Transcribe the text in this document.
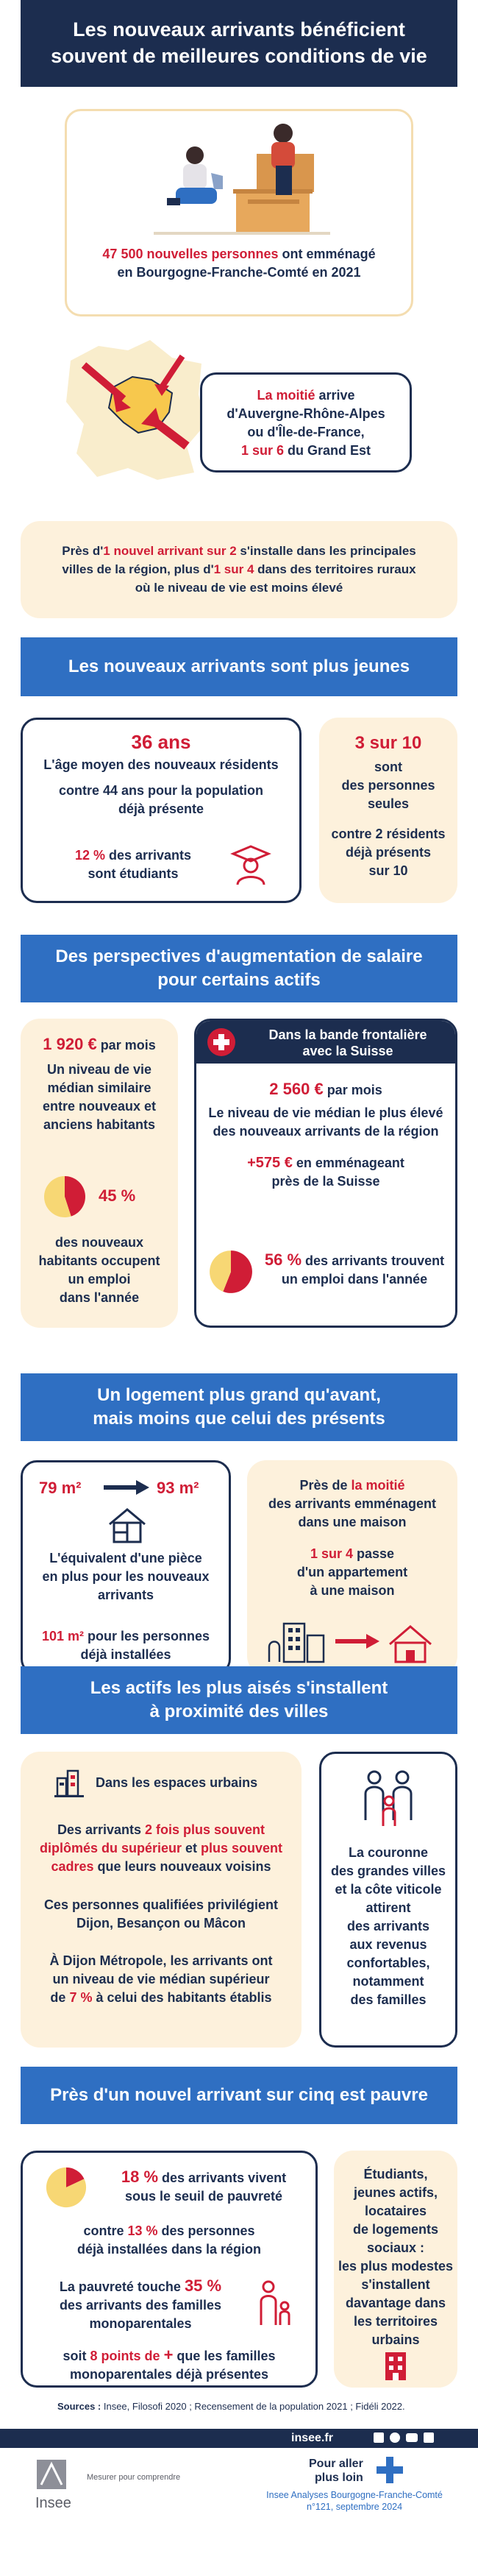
Les nouveaux arrivants bénéficient
souvent de meilleures conditions de vie
47 500 nouvelles personnes ont emménagé
en Bourgogne-Franche-Comté en 2021
La moitié arrive
d'Auvergne-Rhône-Alpes
ou d'Île-de-France,
1 sur 6 du Grand Est
Près d'1 nouvel arrivant sur 2 s'installe dans les principales
villes de la région, plus d'1 sur 4 dans des territoires ruraux
où le niveau de vie est moins élevé
Les nouveaux arrivants sont plus jeunes
36 ans
L'âge moyen des nouveaux résidents
contre 44 ans pour la population
déjà présente
12 % des arrivants
sont étudiants
3 sur 10
sont
des personnes
seules
contre 2 résidents
déjà présents
sur 10
Des perspectives d'augmentation de salaire
pour certains actifs
1 920 € par mois
Un niveau de vie
médian similaire
entre nouveaux et
anciens habitants
45 %
des nouveaux
habitants occupent
un emploi
dans l'année
Dans la bande frontalière
avec la Suisse
2 560 € par mois
Le niveau de vie médian le plus élevé
des nouveaux arrivants de la région
+575 € en emménageant
près de la Suisse
56 % des arrivants trouvent
un emploi dans l'année
Un logement plus grand qu'avant,
mais moins que celui des présents
79 m²	93 m²
L'équivalent d'une pièce
en plus pour les nouveaux
arrivants
101 m² pour les personnes
déjà installées
Près de la moitié
des arrivants emménagent
dans une maison
1 sur 4 passe
d'un appartement
à une maison
Les actifs les plus aisés s'installent
à proximité des villes
Dans les espaces urbains
Des arrivants 2 fois plus souvent
diplômés du supérieur et plus souvent
cadres que leurs nouveaux voisins
Ces personnes qualifiées privilégient
Dijon, Besançon ou Mâcon
À Dijon Métropole, les arrivants ont
un niveau de vie médian supérieur
de 7 % à celui des habitants établis
La couronne
des grandes villes
et la côte viticole
attirent
des arrivants
aux revenus
confortables,
notamment
des familles
Près d'un nouvel arrivant sur cinq est pauvre
18 % des arrivants vivent
sous le seuil de pauvreté
contre 13 % des personnes
déjà installées dans la région
La pauvreté touche 35 %
des arrivants des familles
monoparentales
soit 8 points de + que les familles
monoparentales déjà présentes
Étudiants,
jeunes actifs,
locataires
de logements
sociaux :
les plus modestes
s'installent
davantage dans
les territoires
urbains
Sources : Insee, Filosofi 2020 ; Recensement de la population 2021 ; Fidéli 2022.
insee.fr
Insee
Mesurer pour comprendre
Pour aller
plus loin
Insee Analyses Bourgogne-Franche-Comté
n°121, septembre 2024
